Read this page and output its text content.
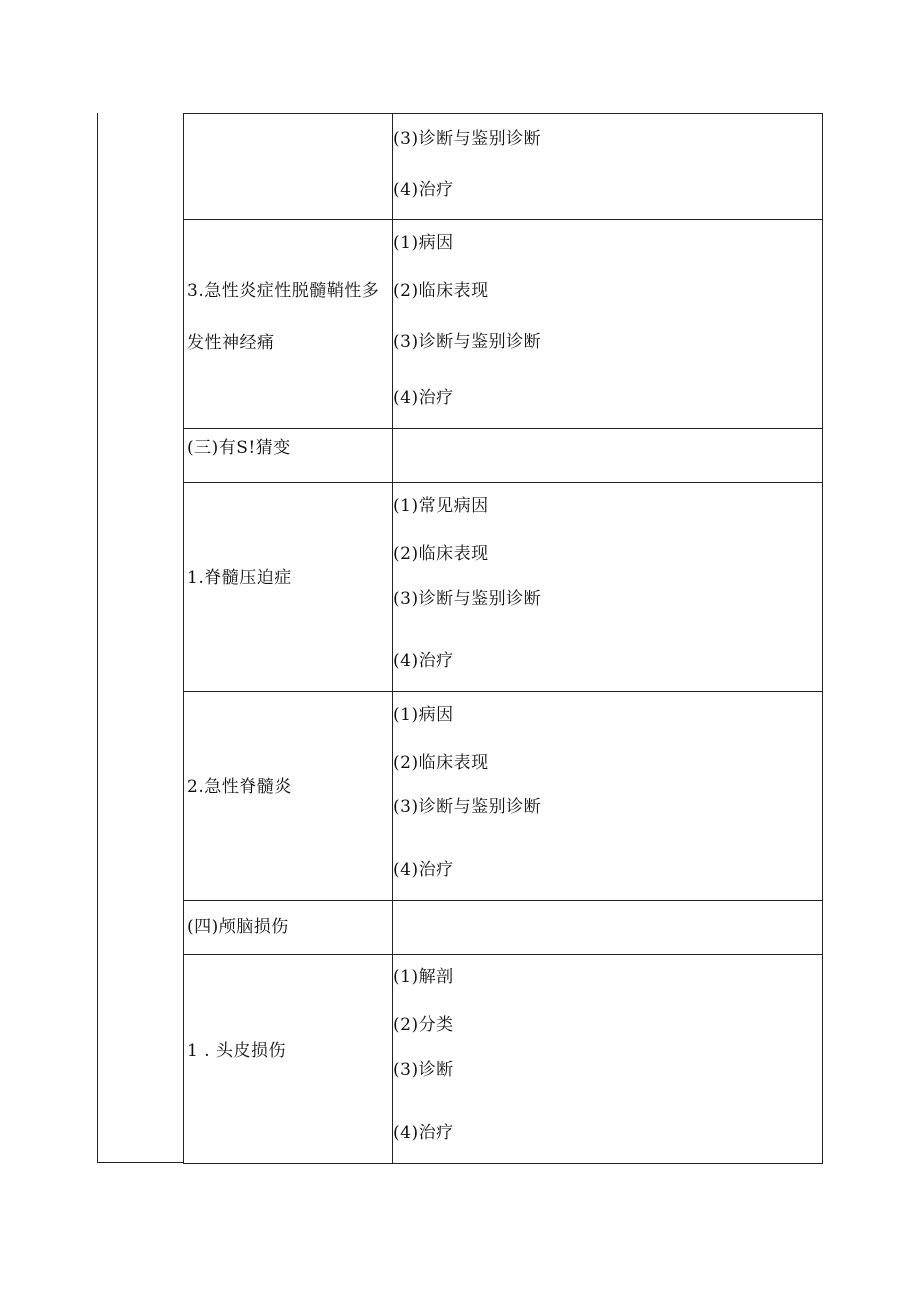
(3)诊断与鉴别诊断
(4)治疗
3.急性炎症性脱髓鞘性多
发性神经痛
(1)病因
(2)临床表现
(3)诊断与鉴别诊断
(4)治疗
(三)有S!猜变
1.脊髓压迫症
(1)常见病因
(2)临床表现
(3)诊断与鉴别诊断
(4)治疗
2.急性脊髓炎
(1)病因
(2)临床表现
(3)诊断与鉴别诊断
(4)治疗
(四)颅脑损伤
1 . 头皮损伤
(1)解剖
(2)分类
(3)诊断
(4)治疗
